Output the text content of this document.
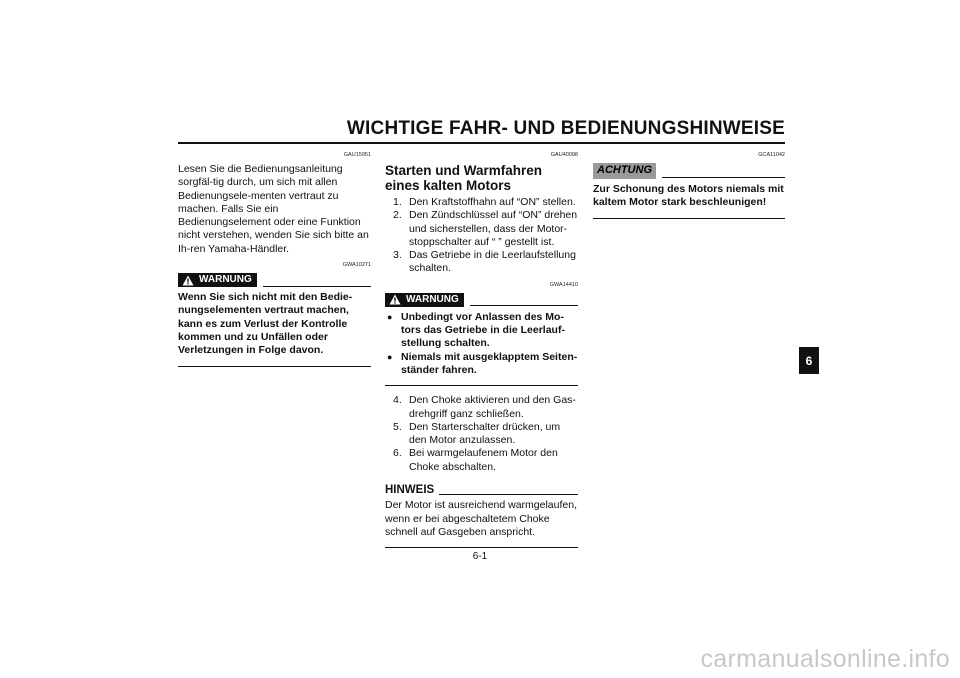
WICHTIGE FAHR- UND BEDIENUNGSHINWEISE
GAU15951

Lesen Sie die Bedienungsanleitung sorgfäl-tig durch, um sich mit allen Bedienungsele-menten vertraut zu machen. Falls Sie ein Bedienungselement oder eine Funktion nicht verstehen, wenden Sie sich bitte an Ih-ren Yamaha-Händler.

GWA10271
WARNUNG

Wenn Sie sich nicht mit den Bedie-nungselementen vertraut machen, kann es zum Verlust der Kontrolle kommen und zu Unfällen oder Verletzungen in Folge davon.

GAU40098
Starten und Warmfahren eines kalten Motors
1. Den Kraftstoffhahn auf “ON” stellen.
2. Den Zündschlüssel auf “ON” drehen und sicherstellen, dass der Motor-stoppschalter auf “ ” gestellt ist.
3. Das Getriebe in die Leerlaufstellung schalten.
GWA14410
WARNUNG
● Unbedingt vor Anlassen des Mo-tors das Getriebe in die Leerlauf-stellung schalten.
● Niemals mit ausgeklapptem Seiten-ständer fahren.
4. Den Choke aktivieren und den Gas-drehgriff ganz schließen.
5. Den Starterschalter drücken, um den Motor anzulassen.
6. Bei warmgelaufenem Motor den Choke abschalten.
HINWEIS

Der Motor ist ausreichend warmgelaufen, wenn er bei abgeschaltetem Choke schnell auf Gasgeben anspricht.

GCA11042
ACHTUNG

Zur Schonung des Motors niemals mit kaltem Motor stark beschleunigen!

6
6-1
carmanualsonline.info
